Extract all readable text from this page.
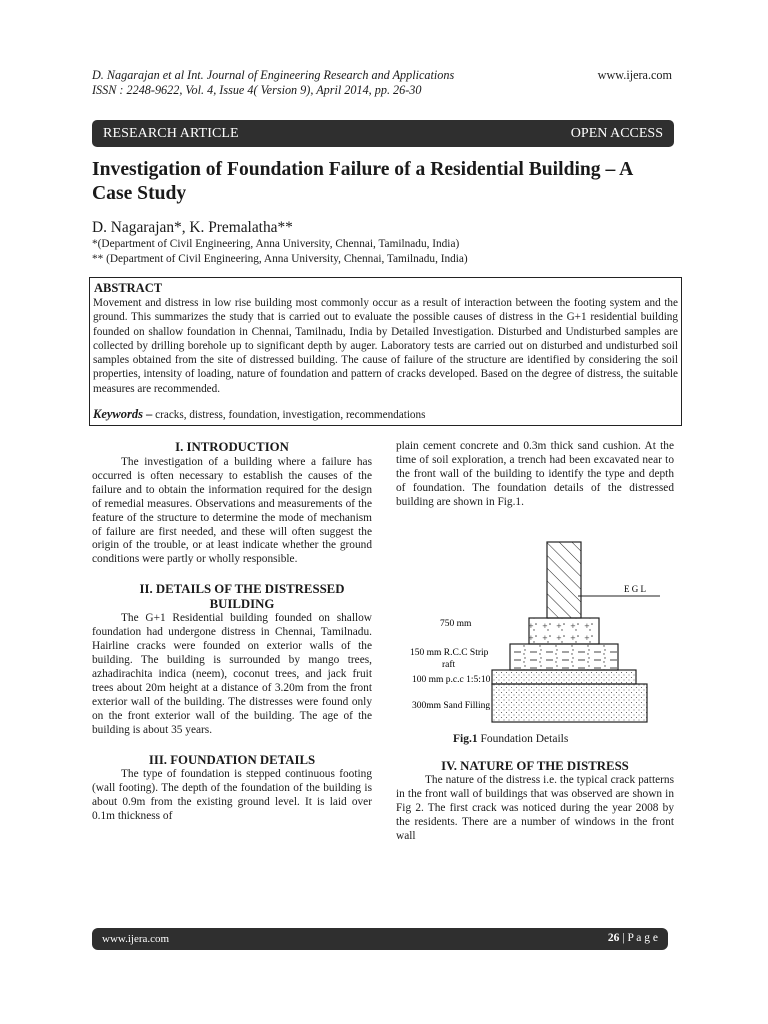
D. Nagarajan et al Int. Journal of Engineering Research and Applications
ISSN : 2248-9622, Vol. 4, Issue 4( Version 9), April 2014, pp. 26-30
www.ijera.com
RESEARCH ARTICLE	OPEN ACCESS
Investigation of Foundation Failure of a Residential Building – A
Case Study
D. Nagarajan*, K. Premalatha**
*(Department of Civil Engineering, Anna University, Chennai, Tamilnadu, India)
** (Department of Civil Engineering, Anna University, Chennai, Tamilnadu, India)
ABSTRACT
Movement and distress in low rise building most commonly occur as a result of interaction between the footing system and the ground. This summarizes the study that is carried out to evaluate the possible causes of distress in the G+1 residential building founded on shallow foundation in Chennai, Tamilnadu, India by Detailed Investigation. Disturbed and Undisturbed samples are collected by drilling borehole up to significant depth by auger. Laboratory tests are carried out on disturbed and undisturbed soil samples obtained from the site of distressed building. The cause of failure of the structure are identified by considering the soil properties, intensity of loading, nature of foundation and pattern of cracks developed. Based on the degree of distress, the suitable measures are recommended.
Keywords – cracks, distress, foundation, investigation, recommendations
I. INTRODUCTION

The investigation of a building where a failure has occurred is often necessary to establish the causes of the failure and to obtain the information required for the design of remedial measures. Observations and measurements of the feature of the structure to determine the mode of mechanism of failure are first needed, and these will often suggest the origin of the trouble, or at least indicate whether the ground conditions were partly or wholly responsible.

II. DETAILS OF THE DISTRESSED BUILDING

The G+1 Residential building founded on shallow foundation had undergone distress in Chennai, Tamilnadu. Hairline cracks were founded on exterior walls of the building. The building is surrounded by mango trees, azhadirachita indica (neem), coconut trees, and jack fruit trees about 20m height at a distance of 3.20m from the front exterior wall of the building. The distresses were found only on the front exterior wall of the building. The age of the building is about 35 years.

III. FOUNDATION DETAILS

The type of foundation is stepped continuous footing (wall footing). The depth of the foundation of the building is about 0.9m from the existing ground level. It is laid over 0.1m thickness of

plain cement concrete and 0.3m thick sand cushion. At the time of soil exploration, a trench had been excavated near to the front wall of the building to identify the type and depth of foundation. The foundation details of the distressed building are shown in Fig.1.

E G L
750 mm
150 mm R.C.C Strip
raft
100 mm p.c.c 1:5:10
300mm Sand Filling
Fig.1 Foundation Details
IV. NATURE OF THE DISTRESS

The nature of the distress i.e. the typical crack patterns in the front wall of buildings that was observed are shown in Fig 2. The first crack was noticed during the year 2008 by the residents. There are a number of windows in the front wall

www.ijera.com	26 | P a g e
